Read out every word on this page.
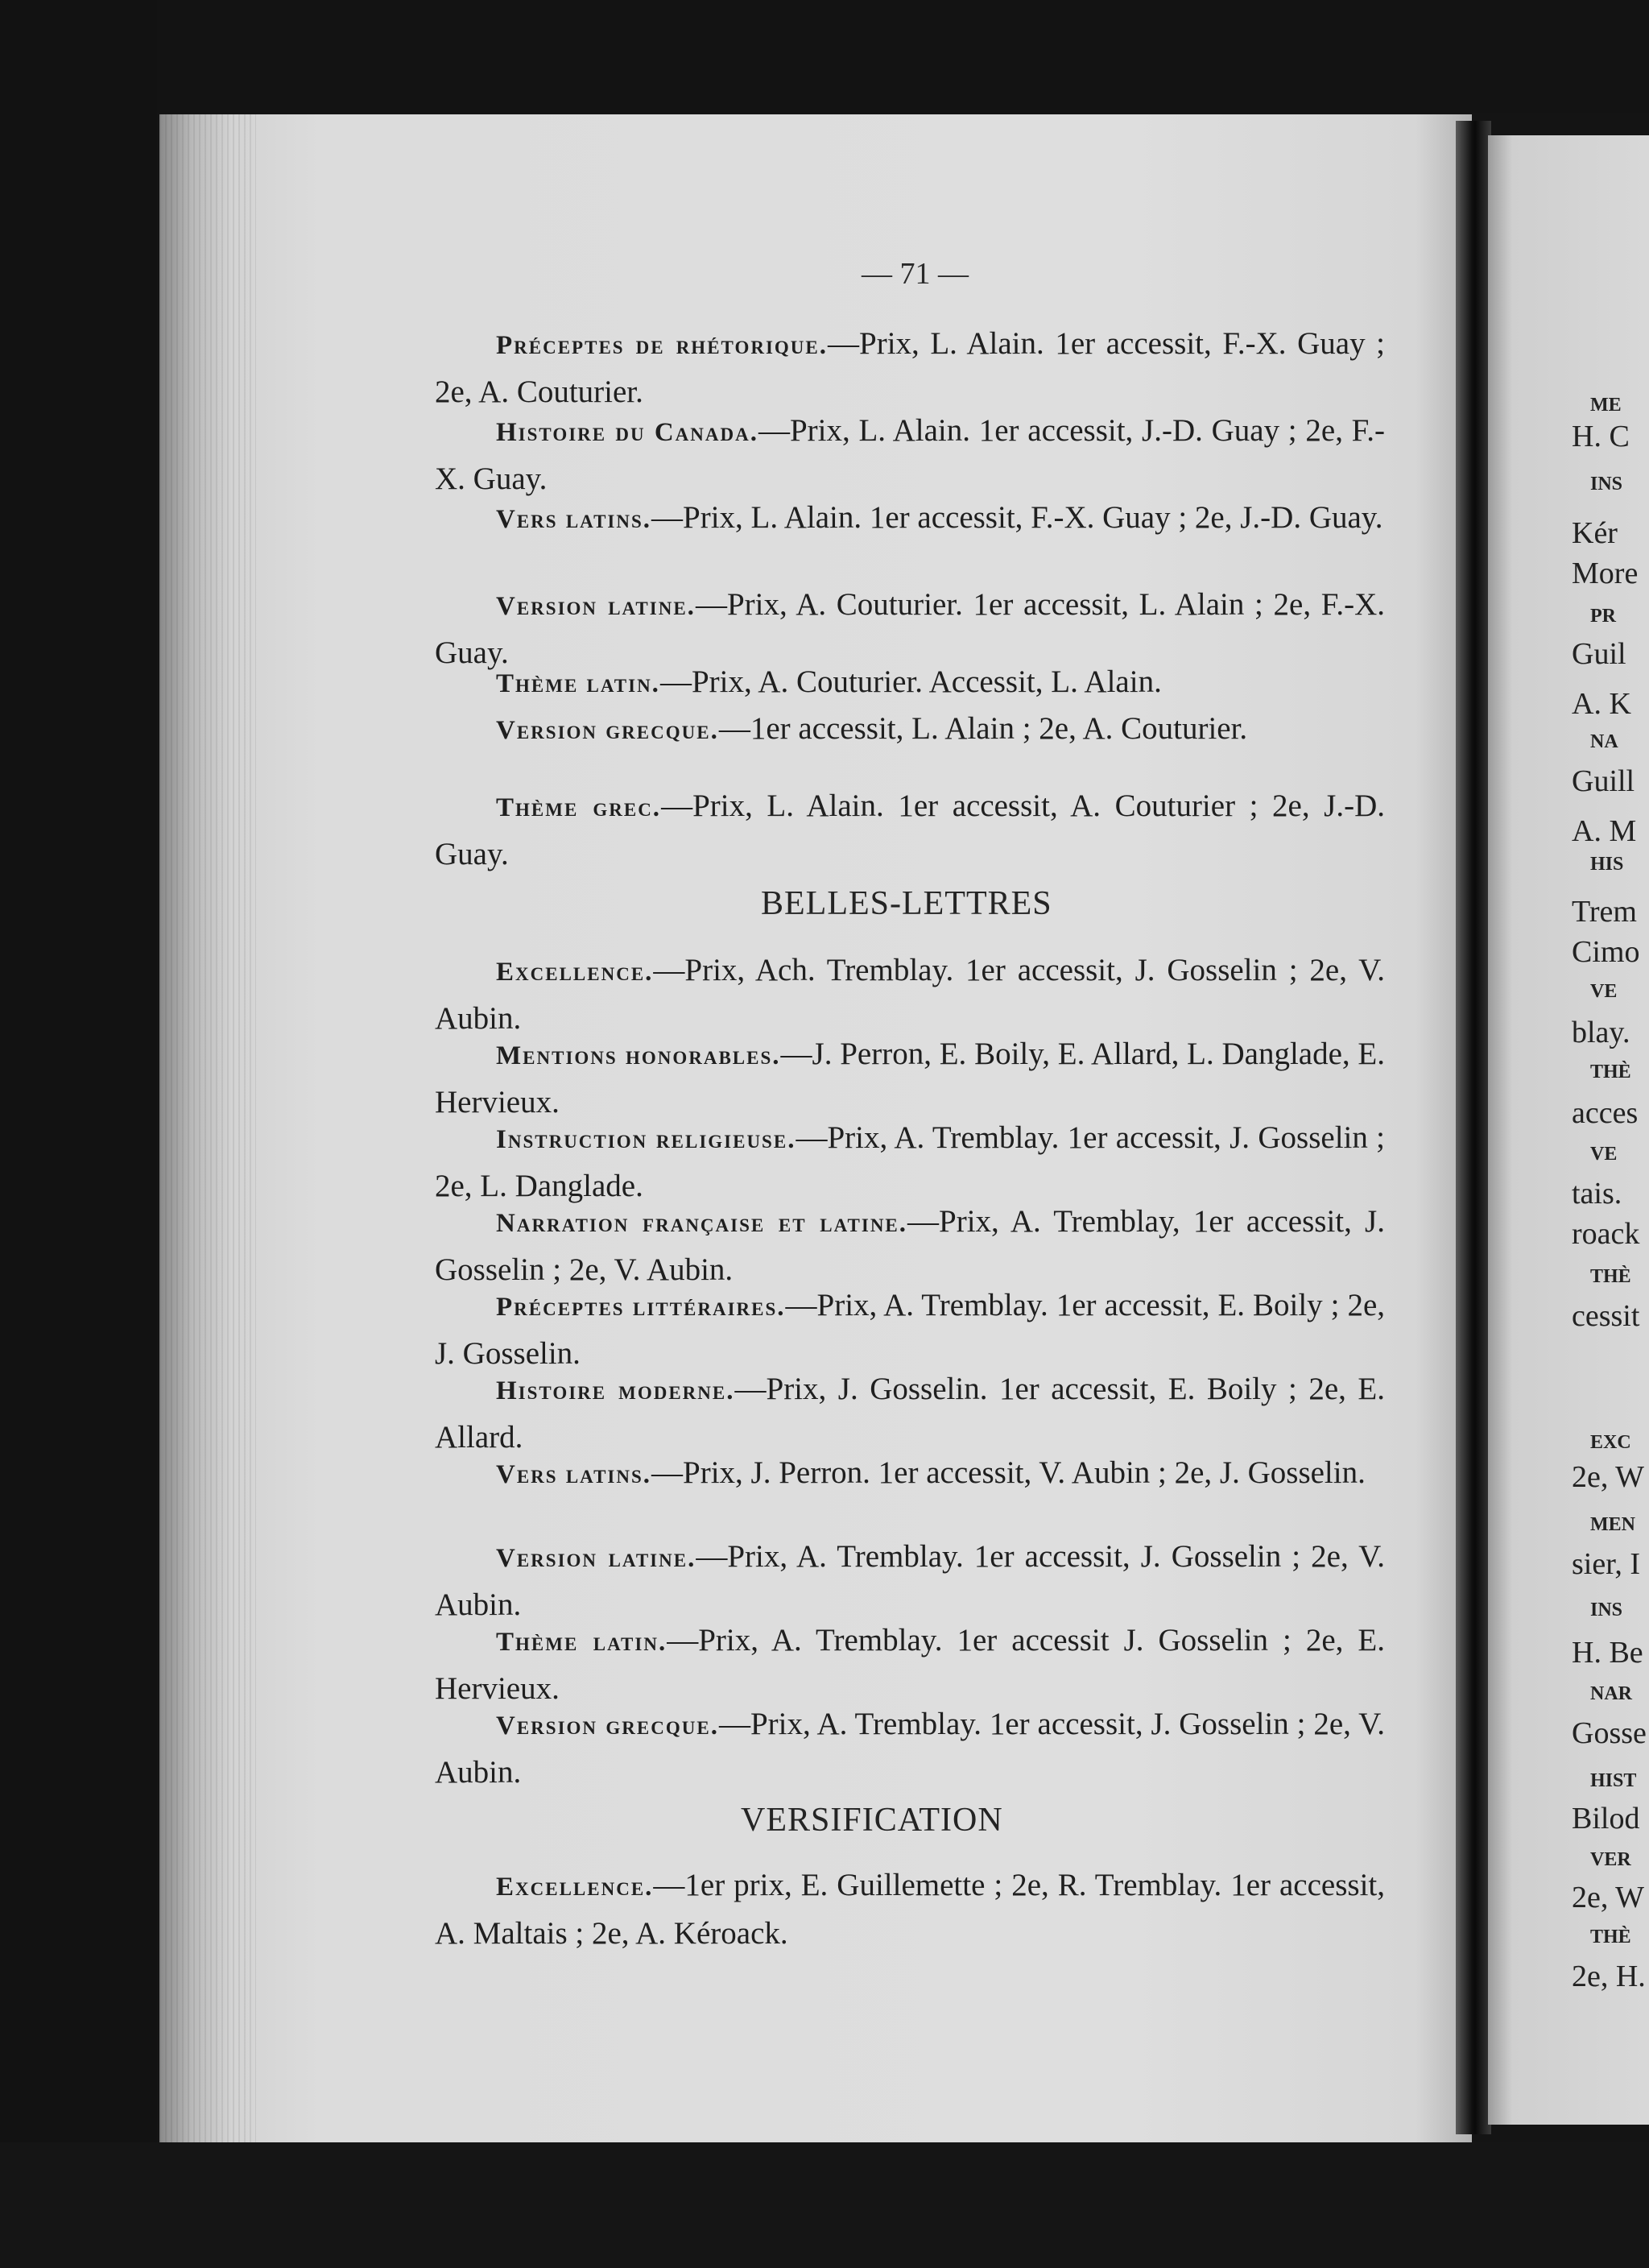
— 71 —
Préceptes de rhétorique.—Prix, L. Alain. 1er accessit, F.-X. Guay ; 2e, A. Couturier.
Histoire du Canada.—Prix, L. Alain. 1er accessit, J.-D. Guay ; 2e, F.-X. Guay.
Vers latins.—Prix, L. Alain. 1er accessit, F.-X. Guay ; 2e, J.-D. Guay.
Version latine.—Prix, A. Couturier. 1er accessit, L. Alain ; 2e, F.-X. Guay.
Thème latin.—Prix, A. Couturier. Accessit, L. Alain.
Version grecque.—1er accessit, L. Alain ; 2e, A. Couturier.
Thème grec.—Prix, L. Alain. 1er accessit, A. Couturier ; 2e, J.-D. Guay.
BELLES-LETTRES
Excellence.—Prix, Ach. Tremblay. 1er accessit, J. Gosselin ; 2e, V. Aubin.
Mentions honorables.—J. Perron, E. Boily, E. Allard, L. Danglade, E. Hervieux.
Instruction religieuse.—Prix, A. Tremblay. 1er accessit, J. Gosselin ; 2e, L. Danglade.
Narration française et latine.—Prix, A. Tremblay, 1er accessit, J. Gosselin ; 2e, V. Aubin.
Préceptes littéraires.—Prix, A. Tremblay. 1er accessit, E. Boily ; 2e, J. Gosselin.
Histoire moderne.—Prix, J. Gosselin. 1er accessit, E. Boily ; 2e, E. Allard.
Vers latins.—Prix, J. Perron. 1er accessit, V. Aubin ; 2e, J. Gosselin.
Version latine.—Prix, A. Tremblay. 1er accessit, J. Gosselin ; 2e, V. Aubin.
Thème latin.—Prix, A. Tremblay. 1er accessit J. Gosselin ; 2e, E. Hervieux.
Version grecque.—Prix, A. Tremblay. 1er accessit, J. Gosselin ; 2e, V. Aubin.
VERSIFICATION
Excellence.—1er prix, E. Guillemette ; 2e, R. Tremblay. 1er accessit, A. Maltais ; 2e, A. Kéroack.
ME
H. C
INS
Kér
More
PR
Guil
A. K
NA
Guill
A. M
HIS
Trem
Cimo
VE
blay.
THÈ
acces
VE
tais.
roack
THÈ
cessit
EXC
2e, W
MEN
sier, I
INS
H. Be
NAR
Gosse
HIST
Bilod
VER
2e, W
THÈ
2e, H.
